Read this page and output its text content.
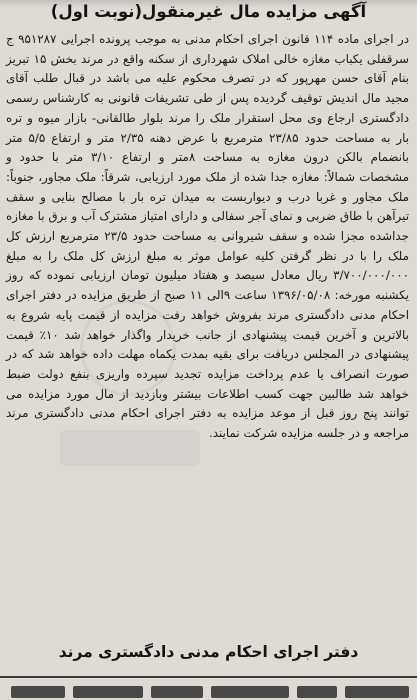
آگهی مزایده مال غیرمنقول(نوبت اول)

در اجرای ماده ۱۱۴ قانون اجرای احکام مدنی به موجب پرونده اجرایی ۹۵۱۲۸۷ ج سرقفلی یکباب مغازه خالی املاک شهرداری از سکنه واقع در مرند بخش ۱۵ تبریز بنام آقای حسن مهرپور که در تصرف محکوم علیه می باشد در قبال طلب آقای مجید مال اندیش توقیف گردیده پس از طی تشریفات قانونی به کارشناس رسمی دادگستری ارجاع وی محل استقرار ملک را مرند بلوار طالقانی- بازار میوه و تره بار به مساحت حدود ۲۳/۸۵ مترمربع با عرض دهنه ۲/۳۵ متر و ارتفاع ۵/۵ متر بانضمام بالکن درون مغازه به مساحت ۸متر و ارتفاع ۳/۱۰ متر با حدود و مشخصات شمالاً: مغازه جدا شده از ملک مورد ارزیابی، شرقاً: ملک مجاور، جنوباً: ملک مجاور و غربا درب و دیواربست به میدان تره بار با مصالح بنایی و سقف تیرآهن با طاق ضربی و نمای آجر سفالی و دارای امتیاز مشترک آب و برق با مغازه جداشده مجزا شده و سقف شیروانی به مساحت حدود ۲۳/۵ مترمربع ارزش کل ملک را با در نظر گرفتن کلیه عوامل موثر به مبلغ ارزش کل ملک را به مبلغ ۳/۷۰۰/۰۰۰/۰۰۰ ریال معادل سیصد و هفتاد میلیون تومان ارزیابی نموده که روز یکشنبه مورخه: ۱۳۹۶/۰۵/۰۸ ساعت ۹الی ۱۱ صبح از طریق مزایده در دفتر اجرای احکام مدنی دادگستری مرند بفروش خواهد رفت مزایده از قیمت پایه شروع به بالاترین و آخرین قیمت پیشنهادی از جانب خریدار واگذار خواهد شد ۱۰٪ قیمت پیشنهادی در المجلس دریافت برای بقیه بمدت یکماه مهلت داده خواهد شد که در صورت انصراف یا عدم پرداخت مزایده تجدید سپرده واریزی بنفع دولت ضبط خواهد شد طالبین جهت کسب اطلاعات بیشتر وبازدید از مال مورد مزایده می توانند پنج روز قبل از موعد مزایده به دفتر اجرای احکام مدنی دادگستری مرند مراجعه و در جلسه مزایده شرکت نمایند.

دفتر اجرای احکام مدنی دادگستری مرند
